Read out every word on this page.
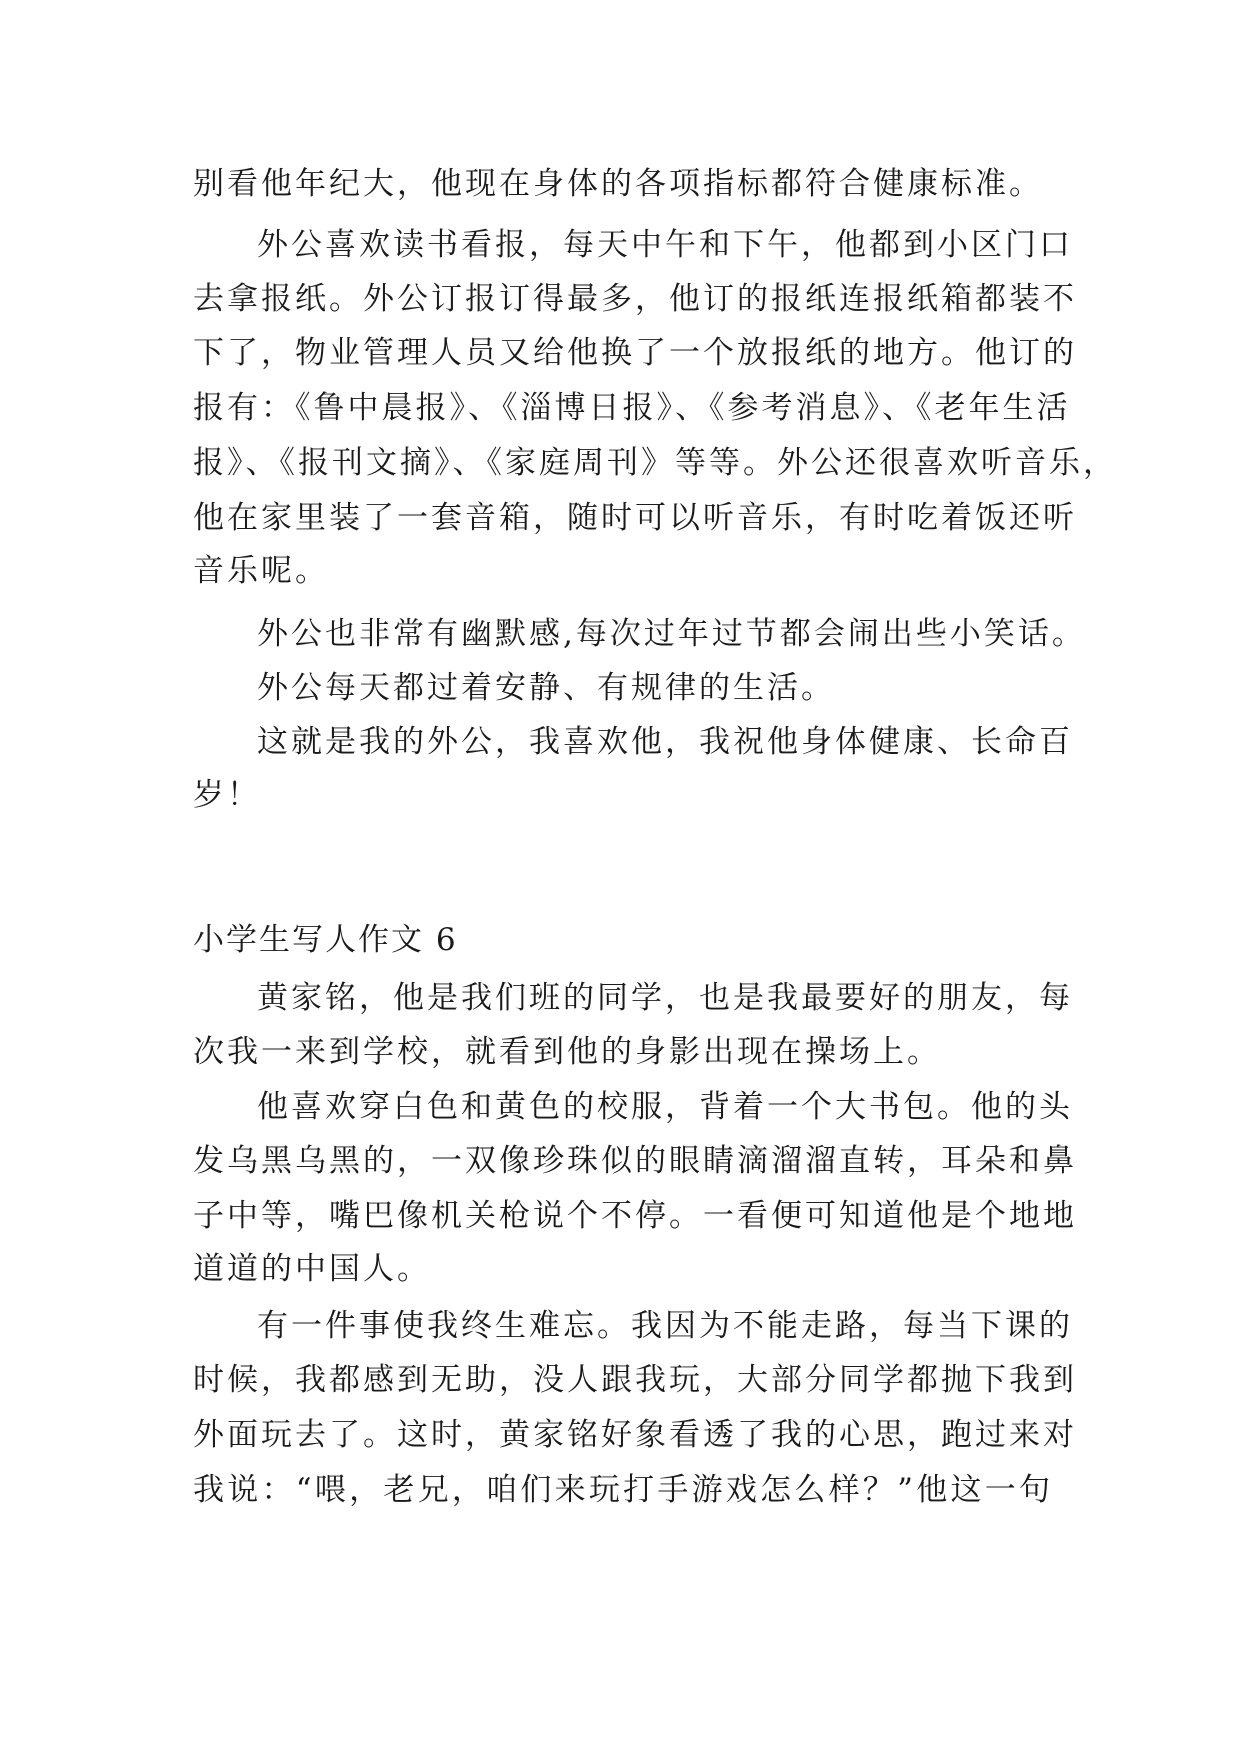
别看他年纪大，他现在身体的各项指标都符合健康标准。
外公喜欢读书看报，每天中午和下午，他都到小区门口
去拿报纸。外公订报订得最多，他订的报纸连报纸箱都装不
下了，物业管理人员又给他换了一个放报纸的地方。他订的
报有：《鲁中晨报》、《淄博日报》、《参考消息》、《老年生活
报》、《报刊文摘》、《家庭周刊》等等。外公还很喜欢听音乐，
他在家里装了一套音箱，随时可以听音乐，有时吃着饭还听
音乐呢。
外公也非常有幽默感,每次过年过节都会闹出些小笑话。
外公每天都过着安静、有规律的生活。
这就是我的外公，我喜欢他，我祝他身体健康、长命百
岁！
小学生写人作文 6
黄家铭，他是我们班的同学，也是我最要好的朋友，每
次我一来到学校，就看到他的身影出现在操场上。
他喜欢穿白色和黄色的校服，背着一个大书包。他的头
发乌黑乌黑的，一双像珍珠似的眼睛滴溜溜直转，耳朵和鼻
子中等，嘴巴像机关枪说个不停。一看便可知道他是个地地
道道的中国人。
有一件事使我终生难忘。我因为不能走路，每当下课的
时候，我都感到无助，没人跟我玩，大部分同学都抛下我到
外面玩去了。这时，黄家铭好象看透了我的心思，跑过来对
我说：“喂，老兄，咱们来玩打手游戏怎么样？”他这一句
